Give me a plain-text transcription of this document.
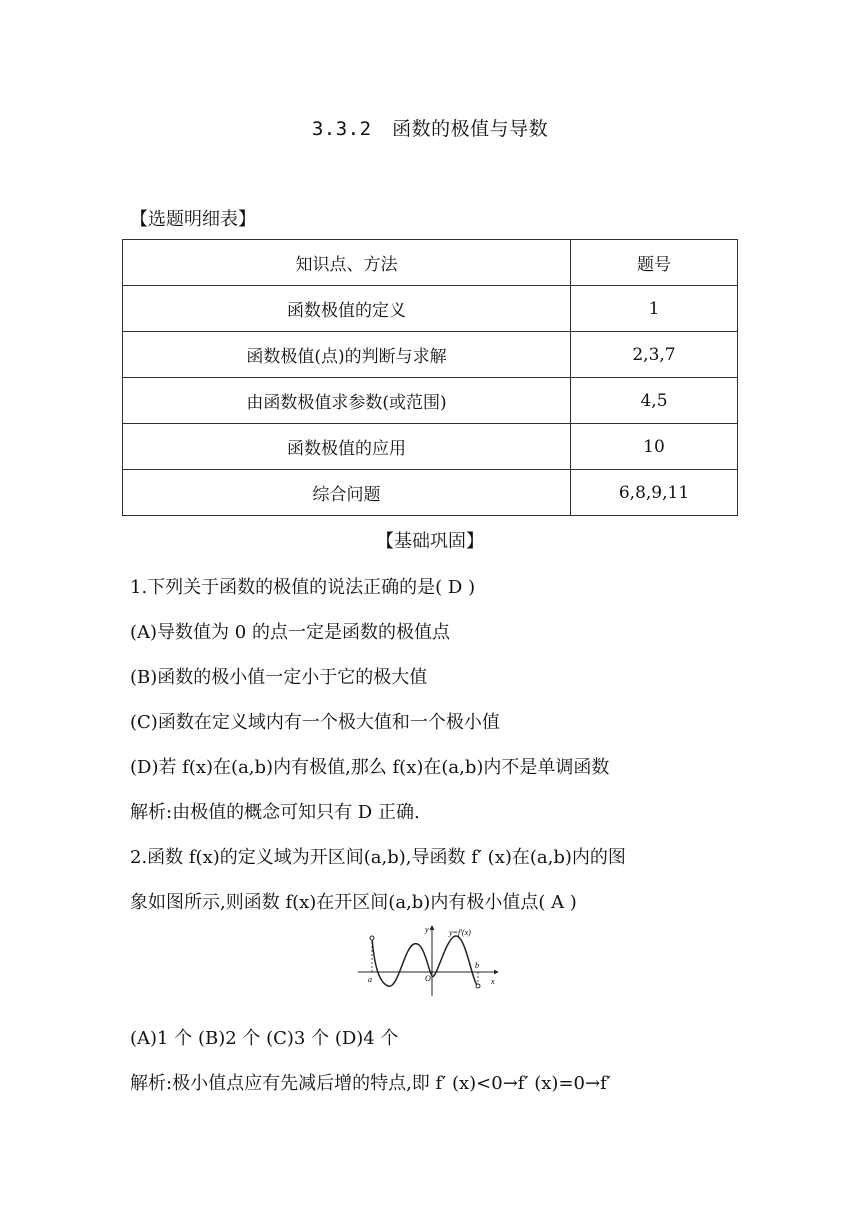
3.3.2 函数的极值与导数
【选题明细表】
知识点、方法	题号
函数极值的定义	1
函数极值(点)的判断与求解	2,3,7
由函数极值求参数(或范围)	4,5
函数极值的应用	10
综合问题	6,8,9,11
【基础巩固】
1.下列关于函数的极值的说法正确的是( D )
(A)导数值为 0 的点一定是函数的极值点
(B)函数的极小值一定小于它的极大值
(C)函数在定义域内有一个极大值和一个极小值
(D)若 f(x)在(a,b)内有极值,那么 f(x)在(a,b)内不是单调函数
解析:由极值的概念可知只有 D 正确.
2.函数 f(x)的定义域为开区间(a,b),导函数 f′ (x)在(a,b)内的图
象如图所示,则函数 f(x)在开区间(a,b)内有极小值点( A )
y=f′(x)
y
x
O
a
b
(A)1 个 (B)2 个 (C)3 个 (D)4 个
解析:极小值点应有先减后增的特点,即 f′ (x)<0→f′ (x)=0→f′
